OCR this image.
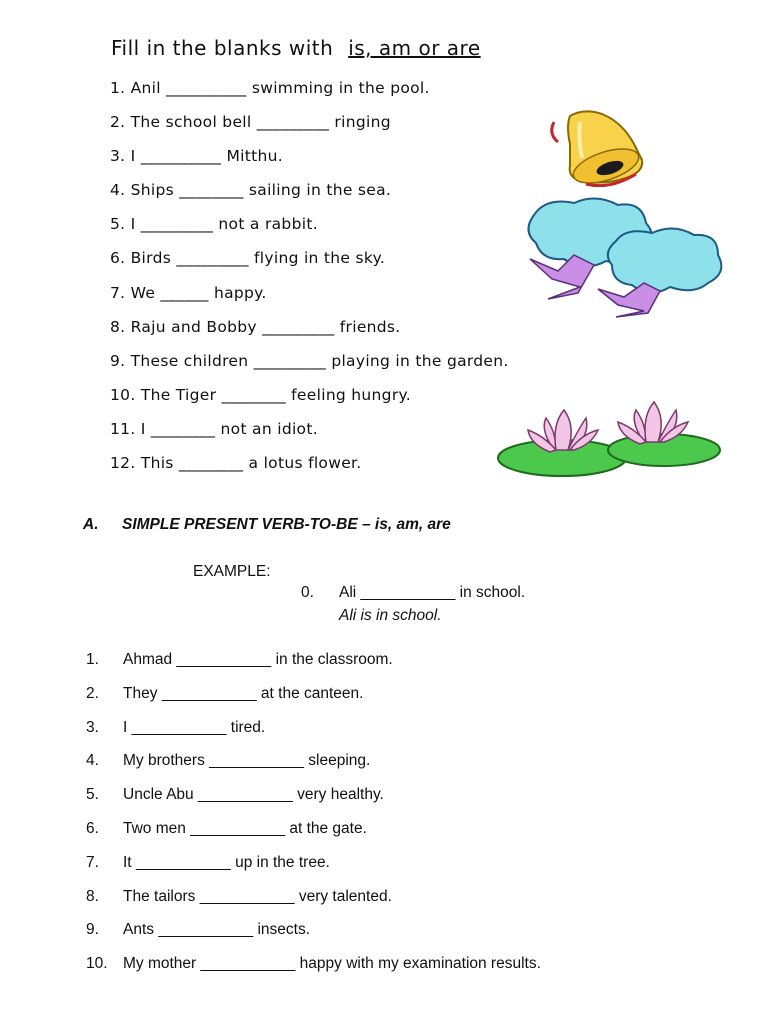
Fill in the blanks with is, am or are
1. Anil __________ swimming in the pool.
2. The school bell _________ ringing
3. I __________ Mitthu.
4. Ships ________ sailing in the sea.
5. I _________ not a rabbit.
6. Birds _________ flying in the sky.
7. We ______ happy.
8. Raju and Bobby _________ friends.
9. These children _________ playing in the garden.
10. The Tiger ________ feeling hungry.
11. I ________ not an idiot.
12. This ________ a lotus flower.
A. SIMPLE PRESENT VERB-TO-BE – is, am, are
EXAMPLE:
0. Ali ___________ in school.
Ali is in school.
1. Ahmad ___________ in the classroom.
2. They ___________ at the canteen.
3. I ___________ tired.
4. My brothers ___________ sleeping.
5. Uncle Abu ___________ very healthy.
6. Two men ___________ at the gate.
7. It ___________ up in the tree.
8. The tailors ___________ very talented.
9. Ants ___________ insects.
10. My mother ___________ happy with my examination results.
